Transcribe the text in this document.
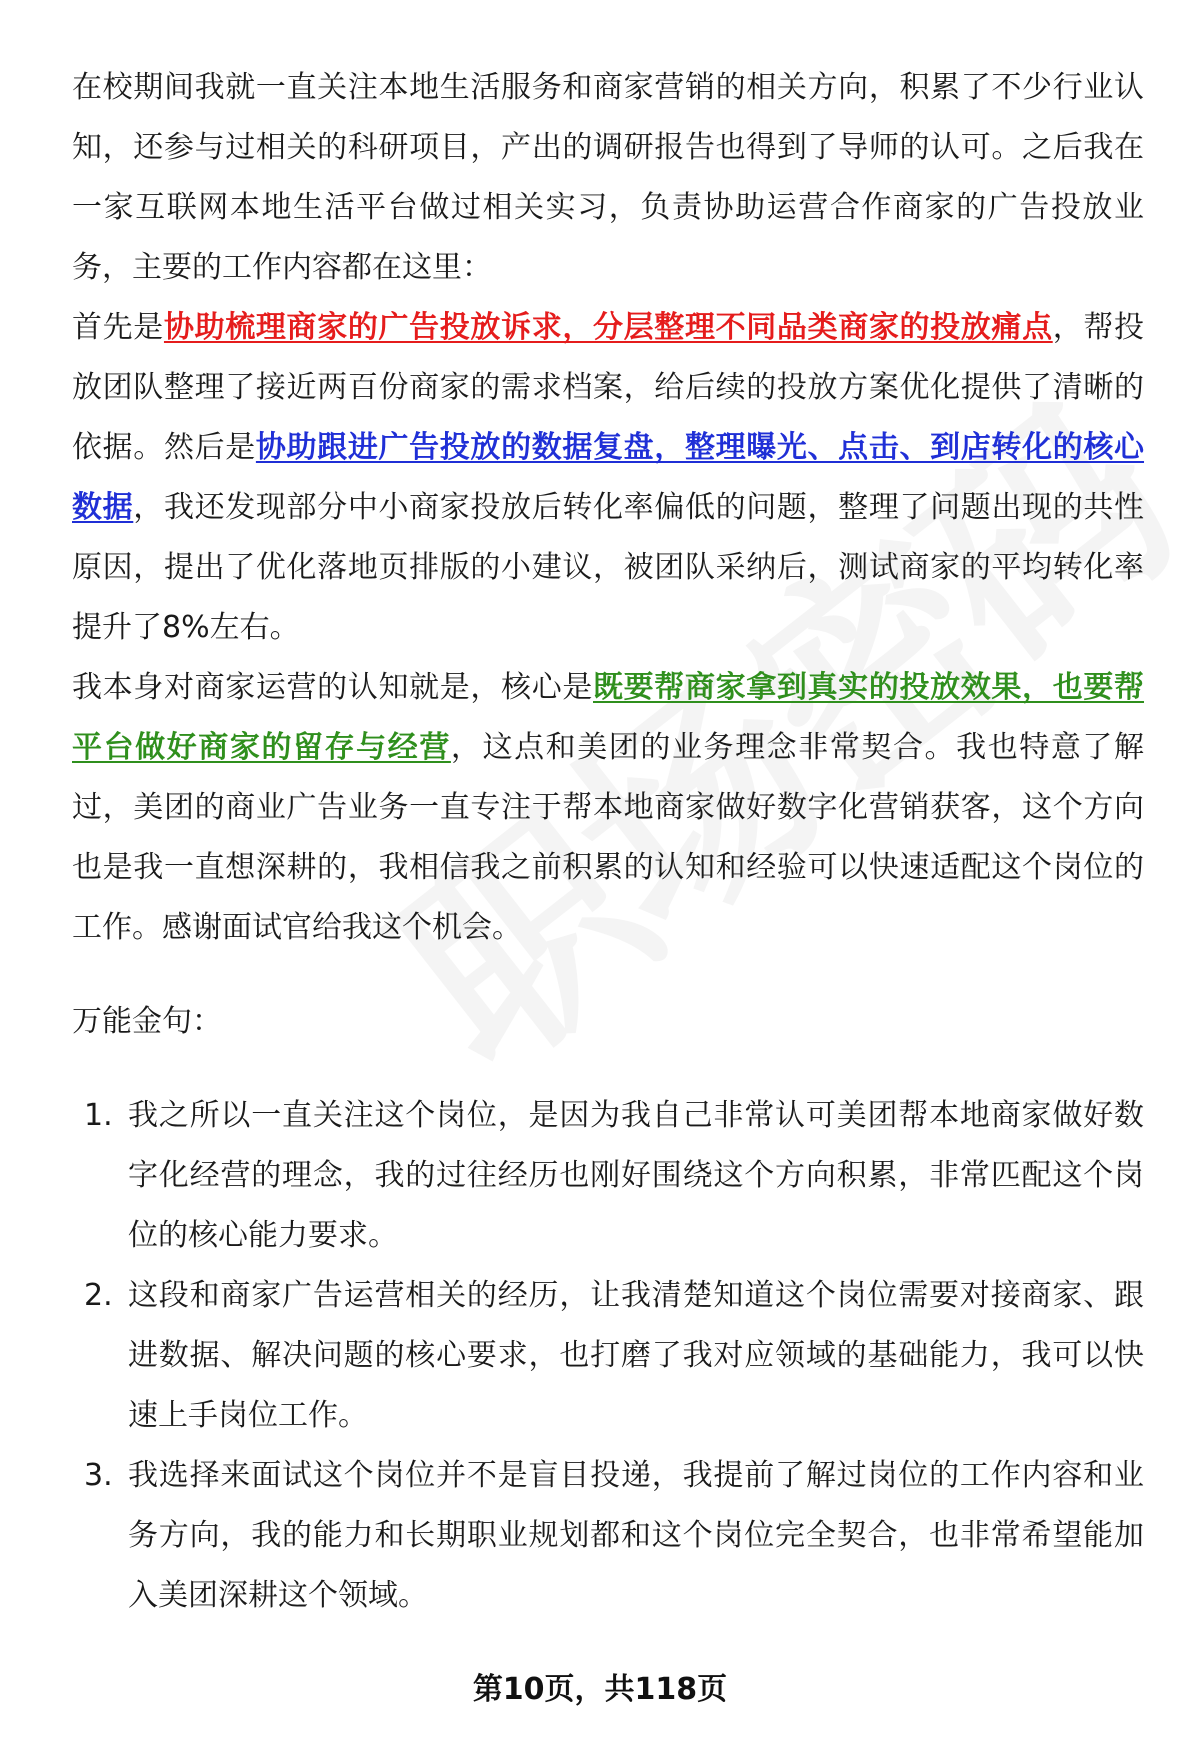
在校期间我就一直关注本地生活服务和商家营销的相关方向，积累了不少行业认知，还参与过相关的科研项目，产出的调研报告也得到了导师的认可。之后我在一家互联网本地生活平台做过相关实习，负责协助运营合作商家的广告投放业务，主要的工作内容都在这里：

首先是协助梳理商家的广告投放诉求，分层整理不同品类商家的投放痛点，帮投放团队整理了接近两百份商家的需求档案，给后续的投放方案优化提供了清晰的依据。然后是协助跟进广告投放的数据复盘，整理曝光、点击、到店转化的核心数据，我还发现部分中小商家投放后转化率偏低的问题，整理了问题出现的共性原因，提出了优化落地页排版的小建议，被团队采纳后，测试商家的平均转化率提升了8%左右。

我本身对商家运营的认知就是，核心是既要帮商家拿到真实的投放效果，也要帮平台做好商家的留存与经营，这点和美团的业务理念非常契合。我也特意了解过，美团的商业广告业务一直专注于帮本地商家做好数字化营销获客，这个方向也是我一直想深耕的，我相信我之前积累的认知和经验可以快速适配这个岗位的工作。感谢面试官给我这个机会。

万能金句：

1. 我之所以一直关注这个岗位，是因为我自己非常认可美团帮本地商家做好数字化经营的理念，我的过往经历也刚好围绕这个方向积累，非常匹配这个岗位的核心能力要求。
2. 这段和商家广告运营相关的经历，让我清楚知道这个岗位需要对接商家、跟进数据、解决问题的核心要求，也打磨了我对应领域的基础能力，我可以快速上手岗位工作。
3. 我选择来面试这个岗位并不是盲目投递，我提前了解过岗位的工作内容和业务方向，我的能力和长期职业规划都和这个岗位完全契合，也非常希望能加入美团深耕这个领域。
第10页，共118页
